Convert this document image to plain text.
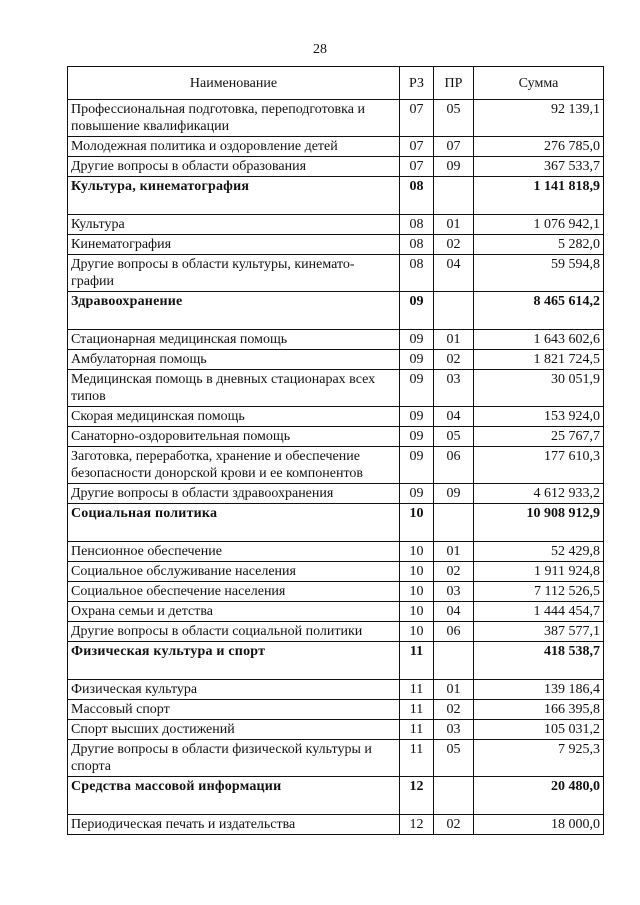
28
Наименование	РЗ	ПР	Сумма
Профессиональная подготовка, переподготовка и повышение квалификации	07	05	92 139,1
Молодежная политика и оздоровление детей	07	07	276 785,0
Другие вопросы в области образования	07	09	367 533,7
Культура, кинематография	08		1 141 818,9
Культура	08	01	1 076 942,1
Кинематография	08	02	5 282,0
Другие вопросы в области культуры, кинемато-графии	08	04	59 594,8
Здравоохранение	09		8 465 614,2
Стационарная медицинская помощь	09	01	1 643 602,6
Амбулаторная помощь	09	02	1 821 724,5
Медицинская помощь в дневных стационарах всех типов	09	03	30 051,9
Скорая медицинская помощь	09	04	153 924,0
Санаторно-оздоровительная помощь	09	05	25 767,7
Заготовка, переработка, хранение и обеспечение безопасности донорской крови и ее компонентов	09	06	177 610,3
Другие вопросы в области здравоохранения	09	09	4 612 933,2
Социальная политика	10		10 908 912,9
Пенсионное обеспечение	10	01	52 429,8
Социальное обслуживание населения	10	02	1 911 924,8
Социальное обеспечение населения	10	03	7 112 526,5
Охрана семьи и детства	10	04	1 444 454,7
Другие вопросы в области социальной политики	10	06	387 577,1
Физическая культура и спорт	11		418 538,7
Физическая культура	11	01	139 186,4
Массовый спорт	11	02	166 395,8
Спорт высших достижений	11	03	105 031,2
Другие вопросы в области физической культуры и спорта	11	05	7 925,3
Средства массовой информации	12		20 480,0
Периодическая печать и издательства	12	02	18 000,0
